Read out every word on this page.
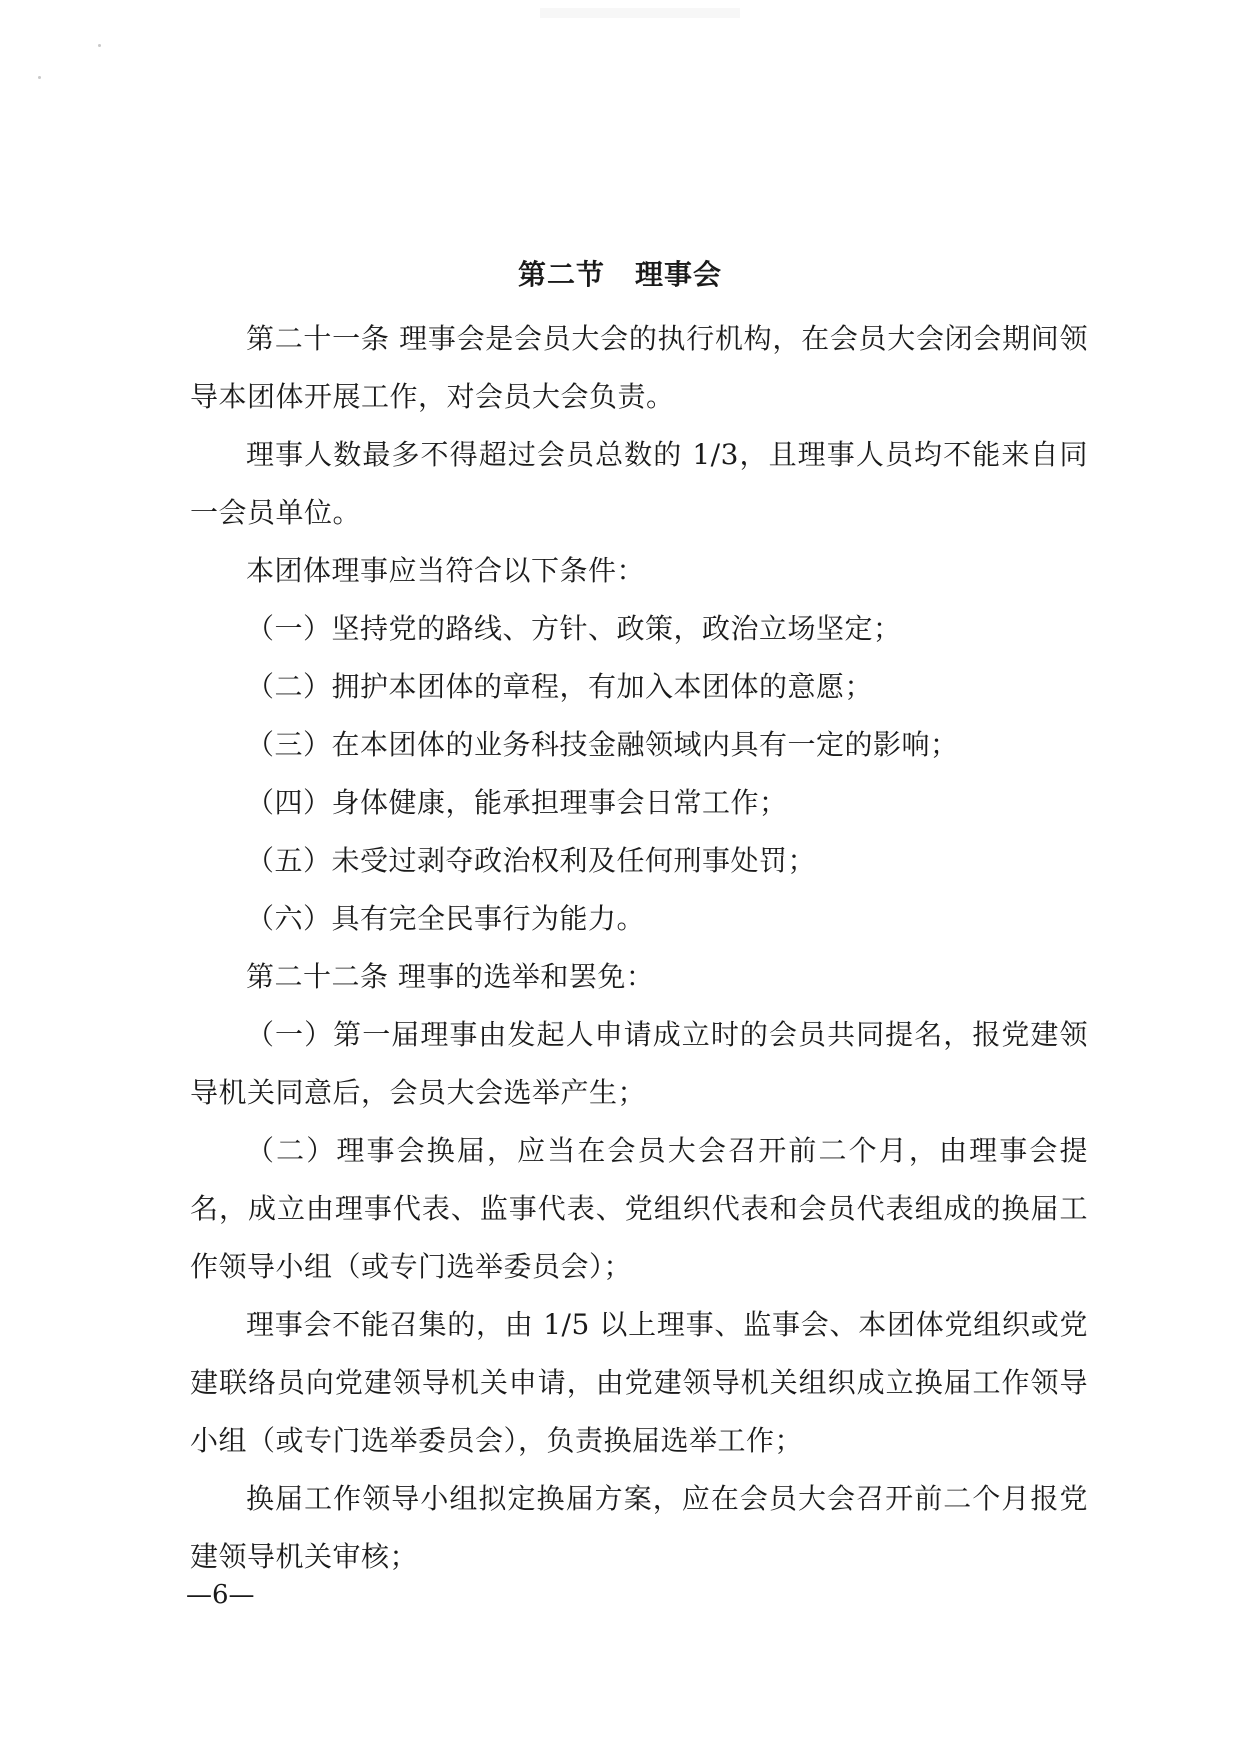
第二节 理事会

第二十一条 理事会是会员大会的执行机构，在会员大会闭会期间领导本团体开展工作，对会员大会负责。

理事人数最多不得超过会员总数的 1/3，且理事人员均不能来自同一会员单位。

本团体理事应当符合以下条件：

（一）坚持党的路线、方针、政策，政治立场坚定；

（二）拥护本团体的章程，有加入本团体的意愿；

（三）在本团体的业务科技金融领域内具有一定的影响；

（四）身体健康，能承担理事会日常工作；

（五）未受过剥夺政治权利及任何刑事处罚；

（六）具有完全民事行为能力。

第二十二条 理事的选举和罢免：

（一）第一届理事由发起人申请成立时的会员共同提名，报党建领导机关同意后，会员大会选举产生；

（二）理事会换届，应当在会员大会召开前二个月，由理事会提名，成立由理事代表、监事代表、党组织代表和会员代表组成的换届工作领导小组（或专门选举委员会）；

理事会不能召集的，由 1/5 以上理事、监事会、本团体党组织或党建联络员向党建领导机关申请，由党建领导机关组织成立换届工作领导小组（或专门选举委员会），负责换届选举工作；

换届工作领导小组拟定换届方案，应在会员大会召开前二个月报党建领导机关审核；

—6—
